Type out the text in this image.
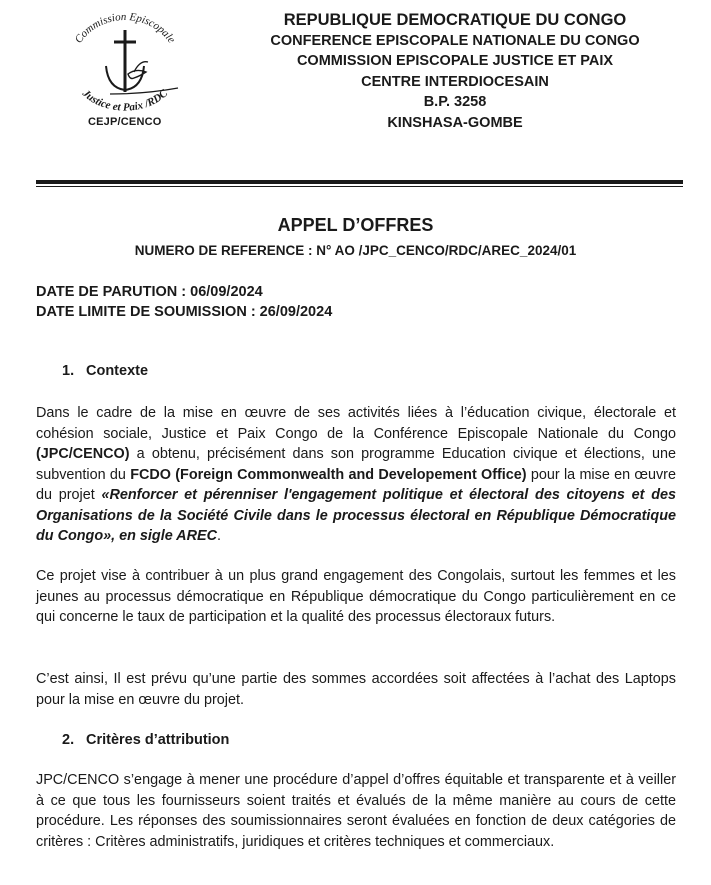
Commission Episcopale
Justice et Paix /RDC
CEJP/CENCO
REPUBLIQUE DEMOCRATIQUE DU CONGO
CONFERENCE EPISCOPALE NATIONALE DU CONGO
COMMISSION EPISCOPALE JUSTICE ET PAIX
CENTRE INTERDIOCESAIN
B.P. 3258
KINSHASA-GOMBE
APPEL D’OFFRES
NUMERO DE REFERENCE : N° AO /JPC_CENCO/RDC/AREC_2024/01
DATE DE PARUTION : 06/09/2024
DATE LIMITE DE SOUMISSION : 26/09/2024
1. Contexte
Dans le cadre de la mise en œuvre de ses activités liées à l’éducation civique, électorale et cohésion sociale, Justice et Paix Congo de la Conférence Episcopale Nationale du Congo (JPC/CENCO) a obtenu, précisément dans son programme Education civique et élections, une subvention du FCDO (Foreign Commonwealth and Developement Office) pour la mise en œuvre du projet «Renforcer et pérenniser l'engagement politique et électoral des citoyens et des Organisations de la Société Civile dans le processus électoral en République Démocratique du Congo», en sigle AREC.
Ce projet vise à contribuer à un plus grand engagement des Congolais, surtout les femmes et les jeunes au processus démocratique en République démocratique du Congo particulièrement en ce qui concerne le taux de participation et la qualité des processus électoraux futurs.
C’est ainsi, Il est prévu qu’une partie des sommes accordées soit affectées à l’achat des Laptops pour la mise en œuvre du projet.
2. Critères d’attribution
JPC/CENCO s’engage à mener une procédure d’appel d’offres équitable et transparente et à veiller à ce que tous les fournisseurs soient traités et évalués de la même manière au cours de cette procédure. Les réponses des soumissionnaires seront évaluées en fonction de deux catégories de critères : Critères administratifs, juridiques et critères techniques et commerciaux.
